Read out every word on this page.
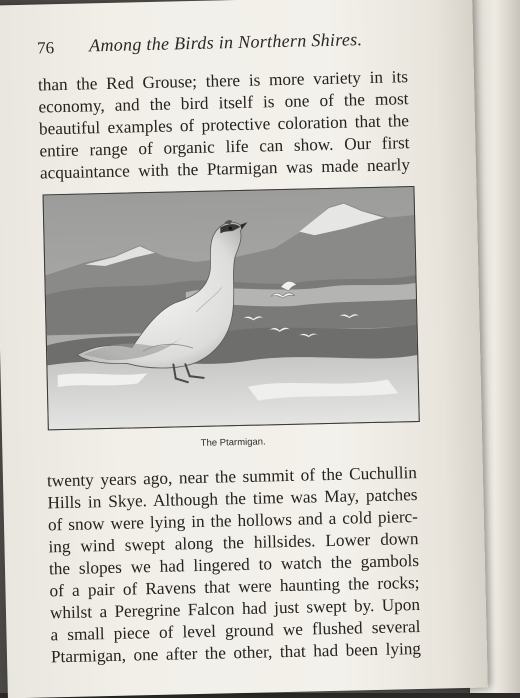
76 Among the Birds in Northern Shires.

than the Red Grouse; there is more variety in its
economy, and the bird itself is one of the most
beautiful examples of protective coloration that the
entire range of organic life can show. Our first
acquaintance with the Ptarmigan was made nearly

The Ptarmigan.

twenty years ago, near the summit of the Cuchullin
Hills in Skye. Although the time was May, patches
of snow were lying in the hollows and a cold pierc-
ing wind swept along the hillsides. Lower down
the slopes we had lingered to watch the gambols
of a pair of Ravens that were haunting the rocks;
whilst a Peregrine Falcon had just swept by. Upon
a small piece of level ground we flushed several
Ptarmigan, one after the other, that had been lying
